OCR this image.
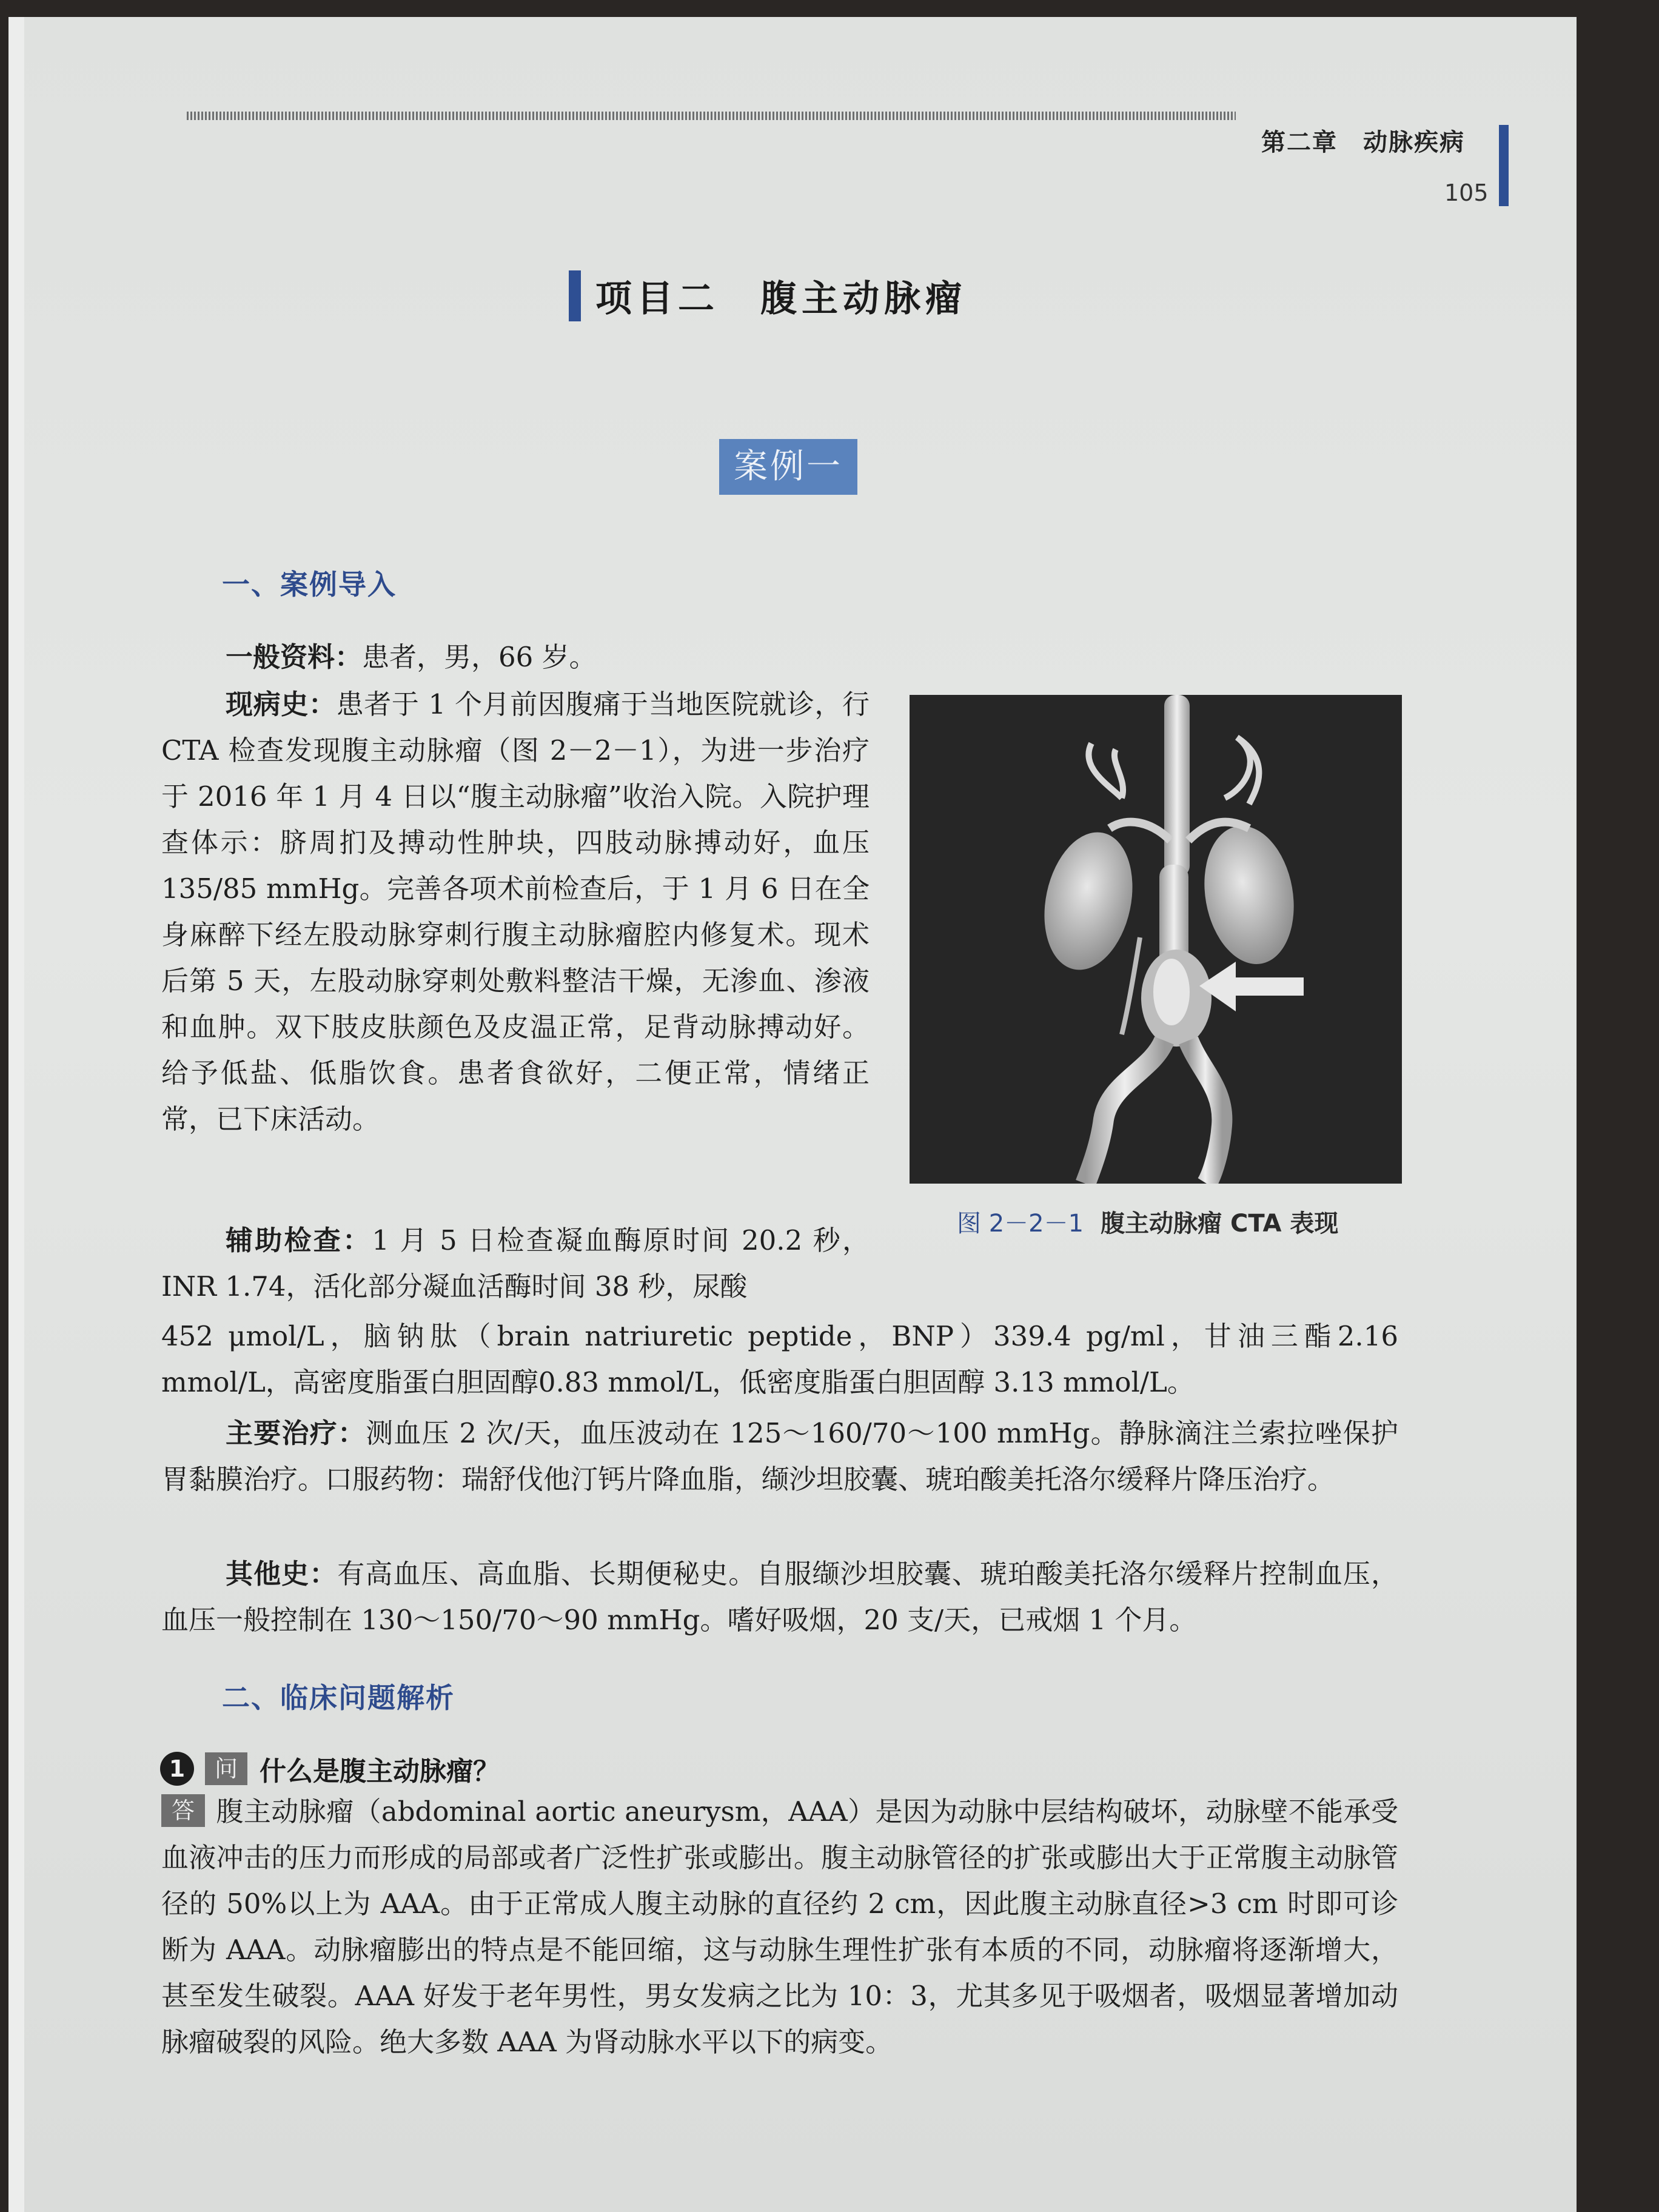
第二章　动脉疾病
105
项目二　腹主动脉瘤
案例一
一、案例导入

一般资料：患者，男，66 岁。

现病史：患者于 1 个月前因腹痛于当地医院就诊，行 CTA 检查发现腹主动脉瘤（图 2－2－1），为进一步治疗于 2016 年 1 月 4 日以“腹主动脉瘤”收治入院。入院护理查体示：脐周扪及搏动性肿块，四肢动脉搏动好，血压135/85 mmHg。完善各项术前检查后，于 1 月 6 日在全身麻醉下经左股动脉穿刺行腹主动脉瘤腔内修复术。现术后第 5 天，左股动脉穿刺处敷料整洁干燥，无渗血、渗液和血肿。双下肢皮肤颜色及皮温正常，足背动脉搏动好。给予低盐、低脂饮食。患者食欲好，二便正常，情绪正常，已下床活动。

辅助检查：1 月 5 日检查凝血酶原时间 20.2 秒，INR 1.74，活化部分凝血活酶时间 38 秒，尿酸

452 μmol/L，脑钠肽（brain natriuretic peptide，BNP）339.4 pg/ml，甘油三酯2.16 mmol/L，高密度脂蛋白胆固醇0.83 mmol/L，低密度脂蛋白胆固醇 3.13 mmol/L。

主要治疗：测血压 2 次/天，血压波动在 125～160/70～100 mmHg。静脉滴注兰索拉唑保护胃黏膜治疗。口服药物：瑞舒伐他汀钙片降血脂，缬沙坦胶囊、琥珀酸美托洛尔缓释片降压治疗。

其他史：有高血压、高血脂、长期便秘史。自服缬沙坦胶囊、琥珀酸美托洛尔缓释片控制血压，血压一般控制在 130～150/70～90 mmHg。嗜好吸烟，20 支/天，已戒烟 1 个月。

图 2－2－1 腹主动脉瘤 CTA 表现
二、临床问题解析
1	问 什么是腹主动脉瘤？

答 腹主动脉瘤（abdominal aortic aneurysm，AAA）是因为动脉中层结构破坏，动脉壁不能承受血液冲击的压力而形成的局部或者广泛性扩张或膨出。腹主动脉管径的扩张或膨出大于正常腹主动脉管径的 50%以上为 AAA。由于正常成人腹主动脉的直径约 2 cm，因此腹主动脉直径>3 cm 时即可诊断为 AAA。动脉瘤膨出的特点是不能回缩，这与动脉生理性扩张有本质的不同，动脉瘤将逐渐增大，甚至发生破裂。AAA 好发于老年男性，男女发病之比为 10：3，尤其多见于吸烟者，吸烟显著增加动脉瘤破裂的风险。绝大多数 AAA 为肾动脉水平以下的病变。
